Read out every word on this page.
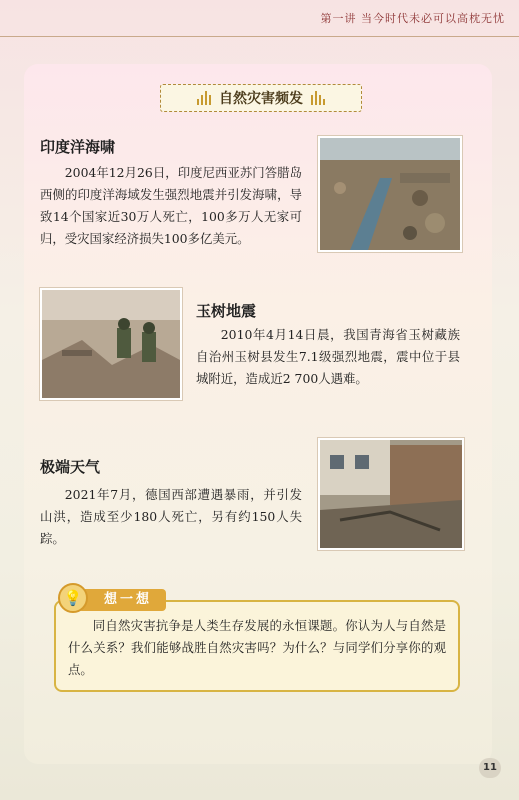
第一讲 当今时代未必可以高枕无忧
自然灾害频发
印度洋海啸
2004年12月26日，印度尼西亚苏门答腊岛西侧的印度洋海域发生强烈地震并引发海啸，导致14个国家近30万人死亡，100多万人无家可归，受灾国家经济损失100多亿美元。
玉树地震
2010年4月14日晨，我国青海省玉树藏族自治州玉树县发生7.1级强烈地震，震中位于县城附近，造成近2 700人遇难。
极端天气
2021年7月，德国西部遭遇暴雨，并引发山洪，造成至少180人死亡，另有约150人失踪。
想一想
💡
同自然灾害抗争是人类生存发展的永恒课题。你认为人与自然是什么关系？我们能够战胜自然灾害吗？为什么？与同学们分享你的观点。
11
